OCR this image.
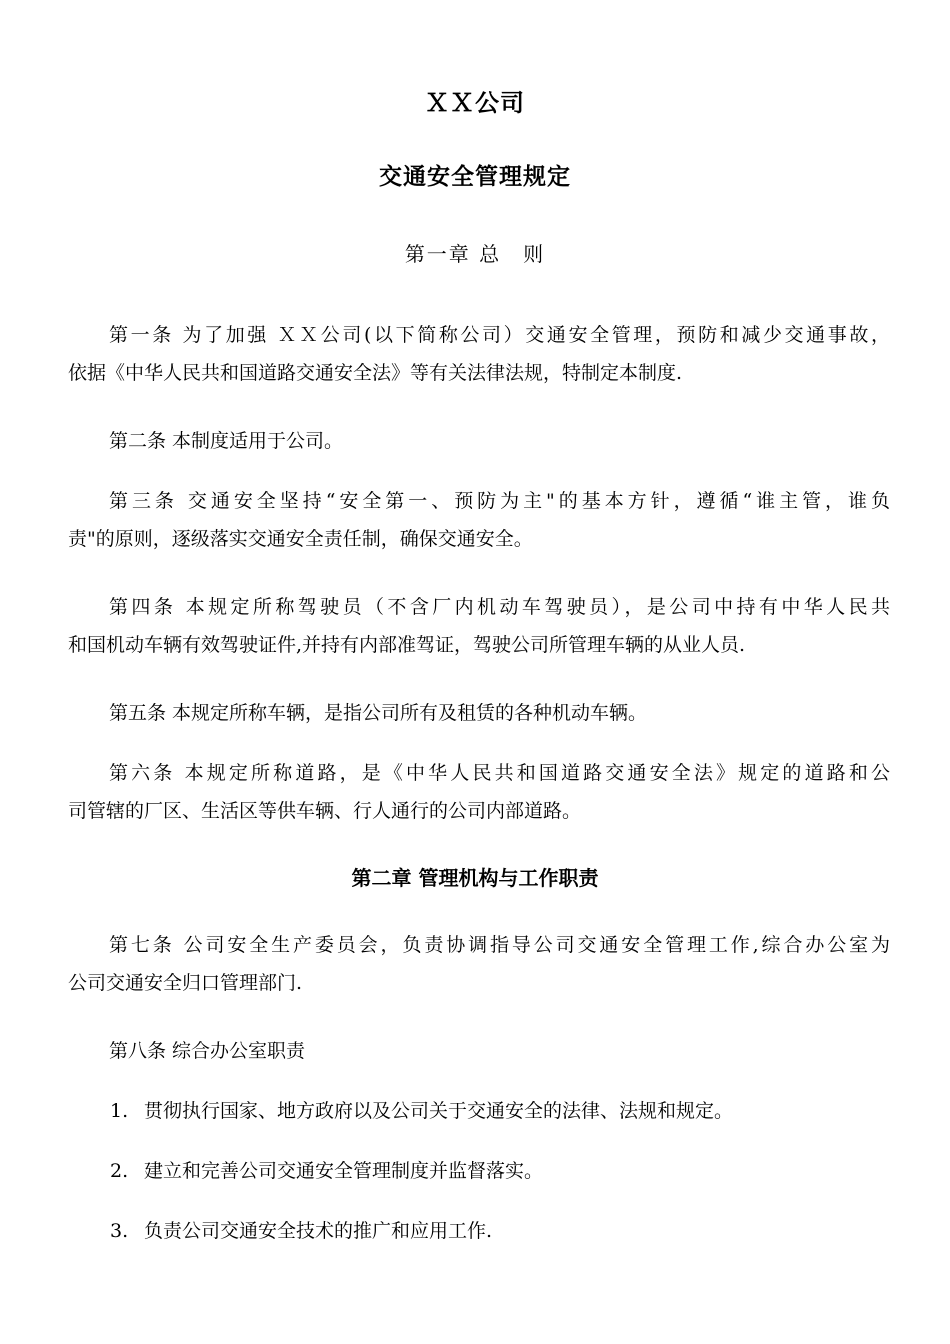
ＸＸ公司
交通安全管理规定
第一章 总　则
第一条 为了加强 ＸＸ公司(以下简称公司）交通安全管理，预防和减少交通事故，
依据《中华人民共和国道路交通安全法》等有关法律法规，特制定本制度.
第二条 本制度适用于公司。
第三条 交通安全坚持“安全第一、预防为主"的基本方针，遵循“谁主管，谁负
责"的原则，逐级落实交通安全责任制，确保交通安全。
第四条 本规定所称驾驶员（不含厂内机动车驾驶员），是公司中持有中华人民共
和国机动车辆有效驾驶证件,并持有内部准驾证，驾驶公司所管理车辆的从业人员.
第五条 本规定所称车辆，是指公司所有及租赁的各种机动车辆。
第六条 本规定所称道路，是《中华人民共和国道路交通安全法》规定的道路和公
司管辖的厂区、生活区等供车辆、行人通行的公司内部道路。
第二章 管理机构与工作职责
第七条 公司安全生产委员会，负责协调指导公司交通安全管理工作,综合办公室为
公司交通安全归口管理部门.
第八条 综合办公室职责
1. 贯彻执行国家、地方政府以及公司关于交通安全的法律、法规和规定。
2. 建立和完善公司交通安全管理制度并监督落实。
3. 负责公司交通安全技术的推广和应用工作.
